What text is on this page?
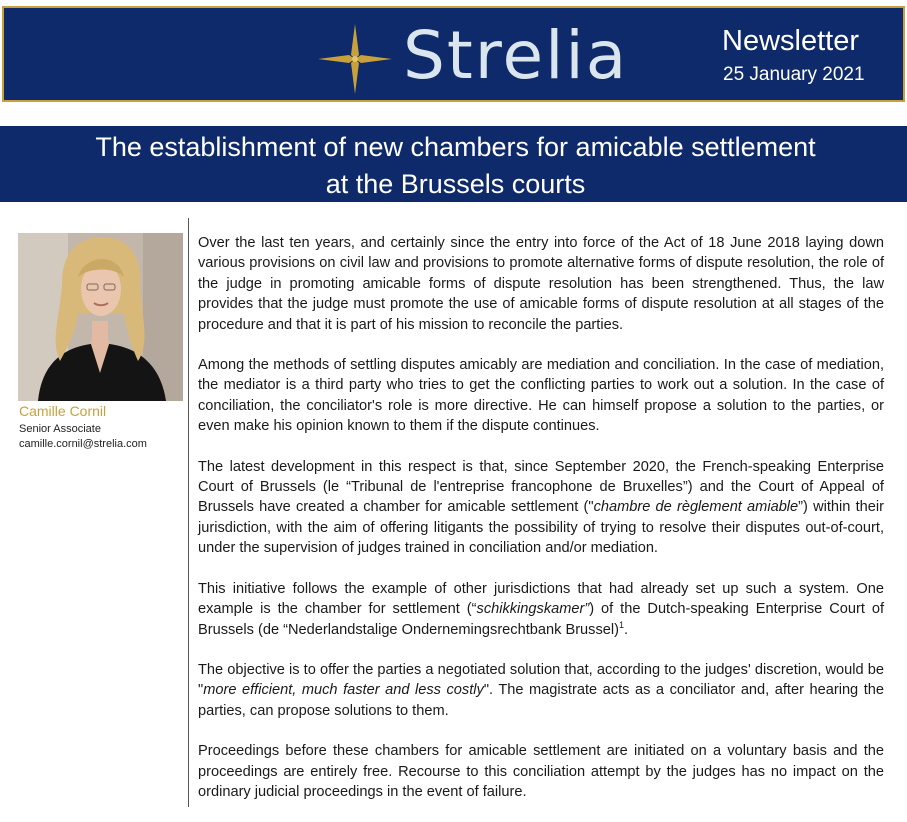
Strelia	Newsletter
25 January 2021
The establishment of new chambers for amicable settlement
at the Brussels courts
Camille Cornil
Senior Associate
camille.cornil@strelia.com

Over the last ten years, and certainly since the entry into force of the Act of 18 June 2018 laying down various provisions on civil law and provisions to promote alternative forms of dispute resolution, the role of the judge in promoting amicable forms of dispute resolution has been strengthened. Thus, the law provides that the judge must promote the use of amicable forms of dispute resolution at all stages of the procedure and that it is part of his mission to reconcile the parties.

Among the methods of settling disputes amicably are mediation and conciliation. In the case of mediation, the mediator is a third party who tries to get the conflicting parties to work out a solution. In the case of conciliation, the conciliator's role is more directive. He can himself propose a solution to the parties, or even make his opinion known to them if the dispute continues.

The latest development in this respect is that, since September 2020, the French-speaking Enterprise Court of Brussels (le “Tribunal de l'entreprise francophone de Bruxelles”) and the Court of Appeal of Brussels have created a chamber for amicable settlement ("chambre de règlement amiable”) within their jurisdiction, with the aim of offering litigants the possibility of trying to resolve their disputes out-of-court, under the supervision of judges trained in conciliation and/or mediation.

This initiative follows the example of other jurisdictions that had already set up such a system. One example is the chamber for settlement (“schikkingskamer”) of the Dutch-speaking Enterprise Court of Brussels (de “Nederlandstalige Ondernemingsrechtbank Brussel)$^1$.

The objective is to offer the parties a negotiated solution that, according to the judges' discretion, would be "more efficient, much faster and less costly". The magistrate acts as a conciliator and, after hearing the parties, can propose solutions to them.

Proceedings before these chambers for amicable settlement are initiated on a voluntary basis and the proceedings are entirely free. Recourse to this conciliation attempt by the judges has no impact on the ordinary judicial proceedings in the event of failure.
